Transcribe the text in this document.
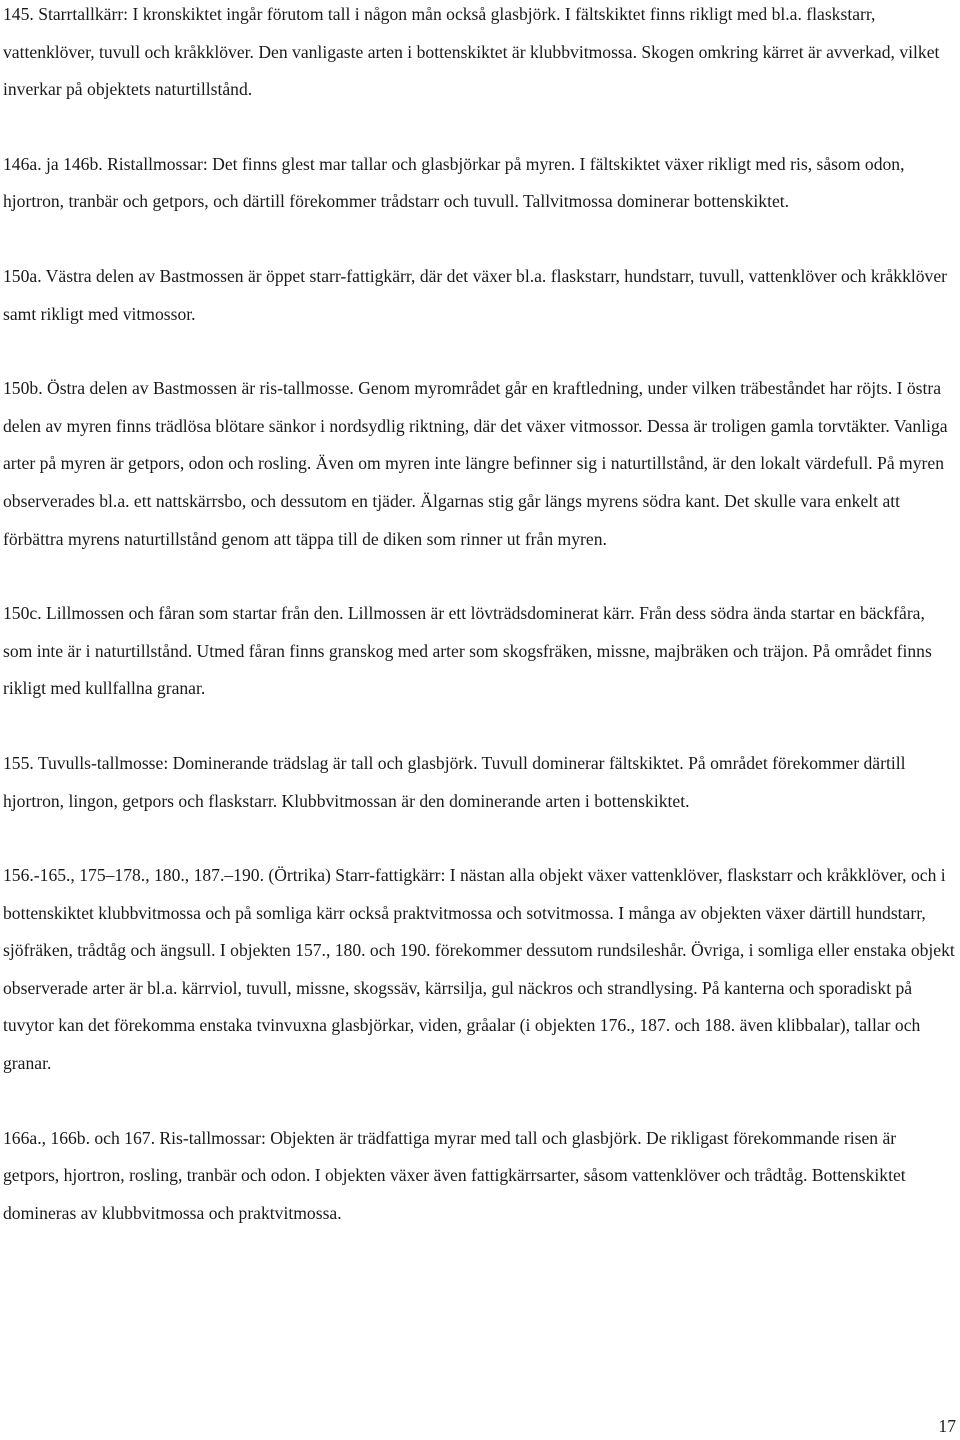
145. Starrtallkärr: I kronskiktet ingår förutom tall i någon mån också glasbjörk. I fältskiktet finns rikligt med bl.a. flaskstarr, vattenklöver, tuvull och kråkklöver. Den vanligaste arten i bottenskiktet är klubbvitmossa. Skogen omkring kärret är avverkad, vilket inverkar på objektets naturtillstånd.

146a. ja 146b. Ristallmossar: Det finns glest mar tallar och glasbjörkar på myren. I fältskiktet växer rikligt med ris, såsom odon, hjortron, tranbär och getpors, och därtill förekommer trådstarr och tuvull. Tallvitmossa dominerar bottenskiktet.

150a. Västra delen av Bastmossen är öppet starr-fattigkärr, där det växer bl.a. flaskstarr, hundstarr, tuvull, vattenklöver och kråkklöver samt rikligt med vitmossor.

150b. Östra delen av Bastmossen är ris-tallmosse. Genom myrområdet går en kraftledning, under vilken träbeståndet har röjts. I östra delen av myren finns trädlösa blötare sänkor i nordsydlig riktning, där det växer vitmossor. Dessa är troligen gamla torvtäkter. Vanliga arter på myren är getpors, odon och rosling. Även om myren inte längre befinner sig i naturtillstånd, är den lokalt värdefull. På myren observerades bl.a. ett nattskärrsbo, och dessutom en tjäder. Älgarnas stig går längs myrens södra kant. Det skulle vara enkelt att förbättra myrens naturtillstånd genom att täppa till de diken som rinner ut från myren.

150c. Lillmossen och fåran som startar från den. Lillmossen är ett lövträdsdominerat kärr. Från dess södra ända startar en bäckfåra, som inte är i naturtillstånd. Utmed fåran finns granskog med arter som skogsfräken, missne, majbräken och träjon. På området finns rikligt med kullfallna granar.

155. Tuvulls-tallmosse: Dominerande trädslag är tall och glasbjörk. Tuvull dominerar fältskiktet. På området förekommer därtill hjortron, lingon, getpors och flaskstarr. Klubbvitmossan är den dominerande arten i bottenskiktet.

156.-165., 175–178., 180., 187.–190. (Örtrika) Starr-fattigkärr: I nästan alla objekt växer vattenklöver, flaskstarr och kråkklöver, och i bottenskiktet klubbvitmossa och på somliga kärr också praktvitmossa och sotvitmossa. I många av objekten växer därtill hundstarr, sjöfräken, trådtåg och ängsull. I objekten 157., 180. och 190. förekommer dessutom rundsileshår. Övriga, i somliga eller enstaka objekt observerade arter är bl.a. kärrviol, tuvull, missne, skogssäv, kärrsilja, gul näckros och strandlysing. På kanterna och sporadiskt på tuvytor kan det förekomma enstaka tvinvuxna glasbjörkar, viden, gråalar (i objekten 176., 187. och 188. även klibbalar), tallar och granar.

166a., 166b. och 167. Ris-tallmossar: Objekten är trädfattiga myrar med tall och glasbjörk. De rikligast förekommande risen är getpors, hjortron, rosling, tranbär och odon. I objekten växer även fattigkärrsarter, såsom vattenklöver och trådtåg. Bottenskiktet domineras av klubbvitmossa och praktvitmossa.

17
